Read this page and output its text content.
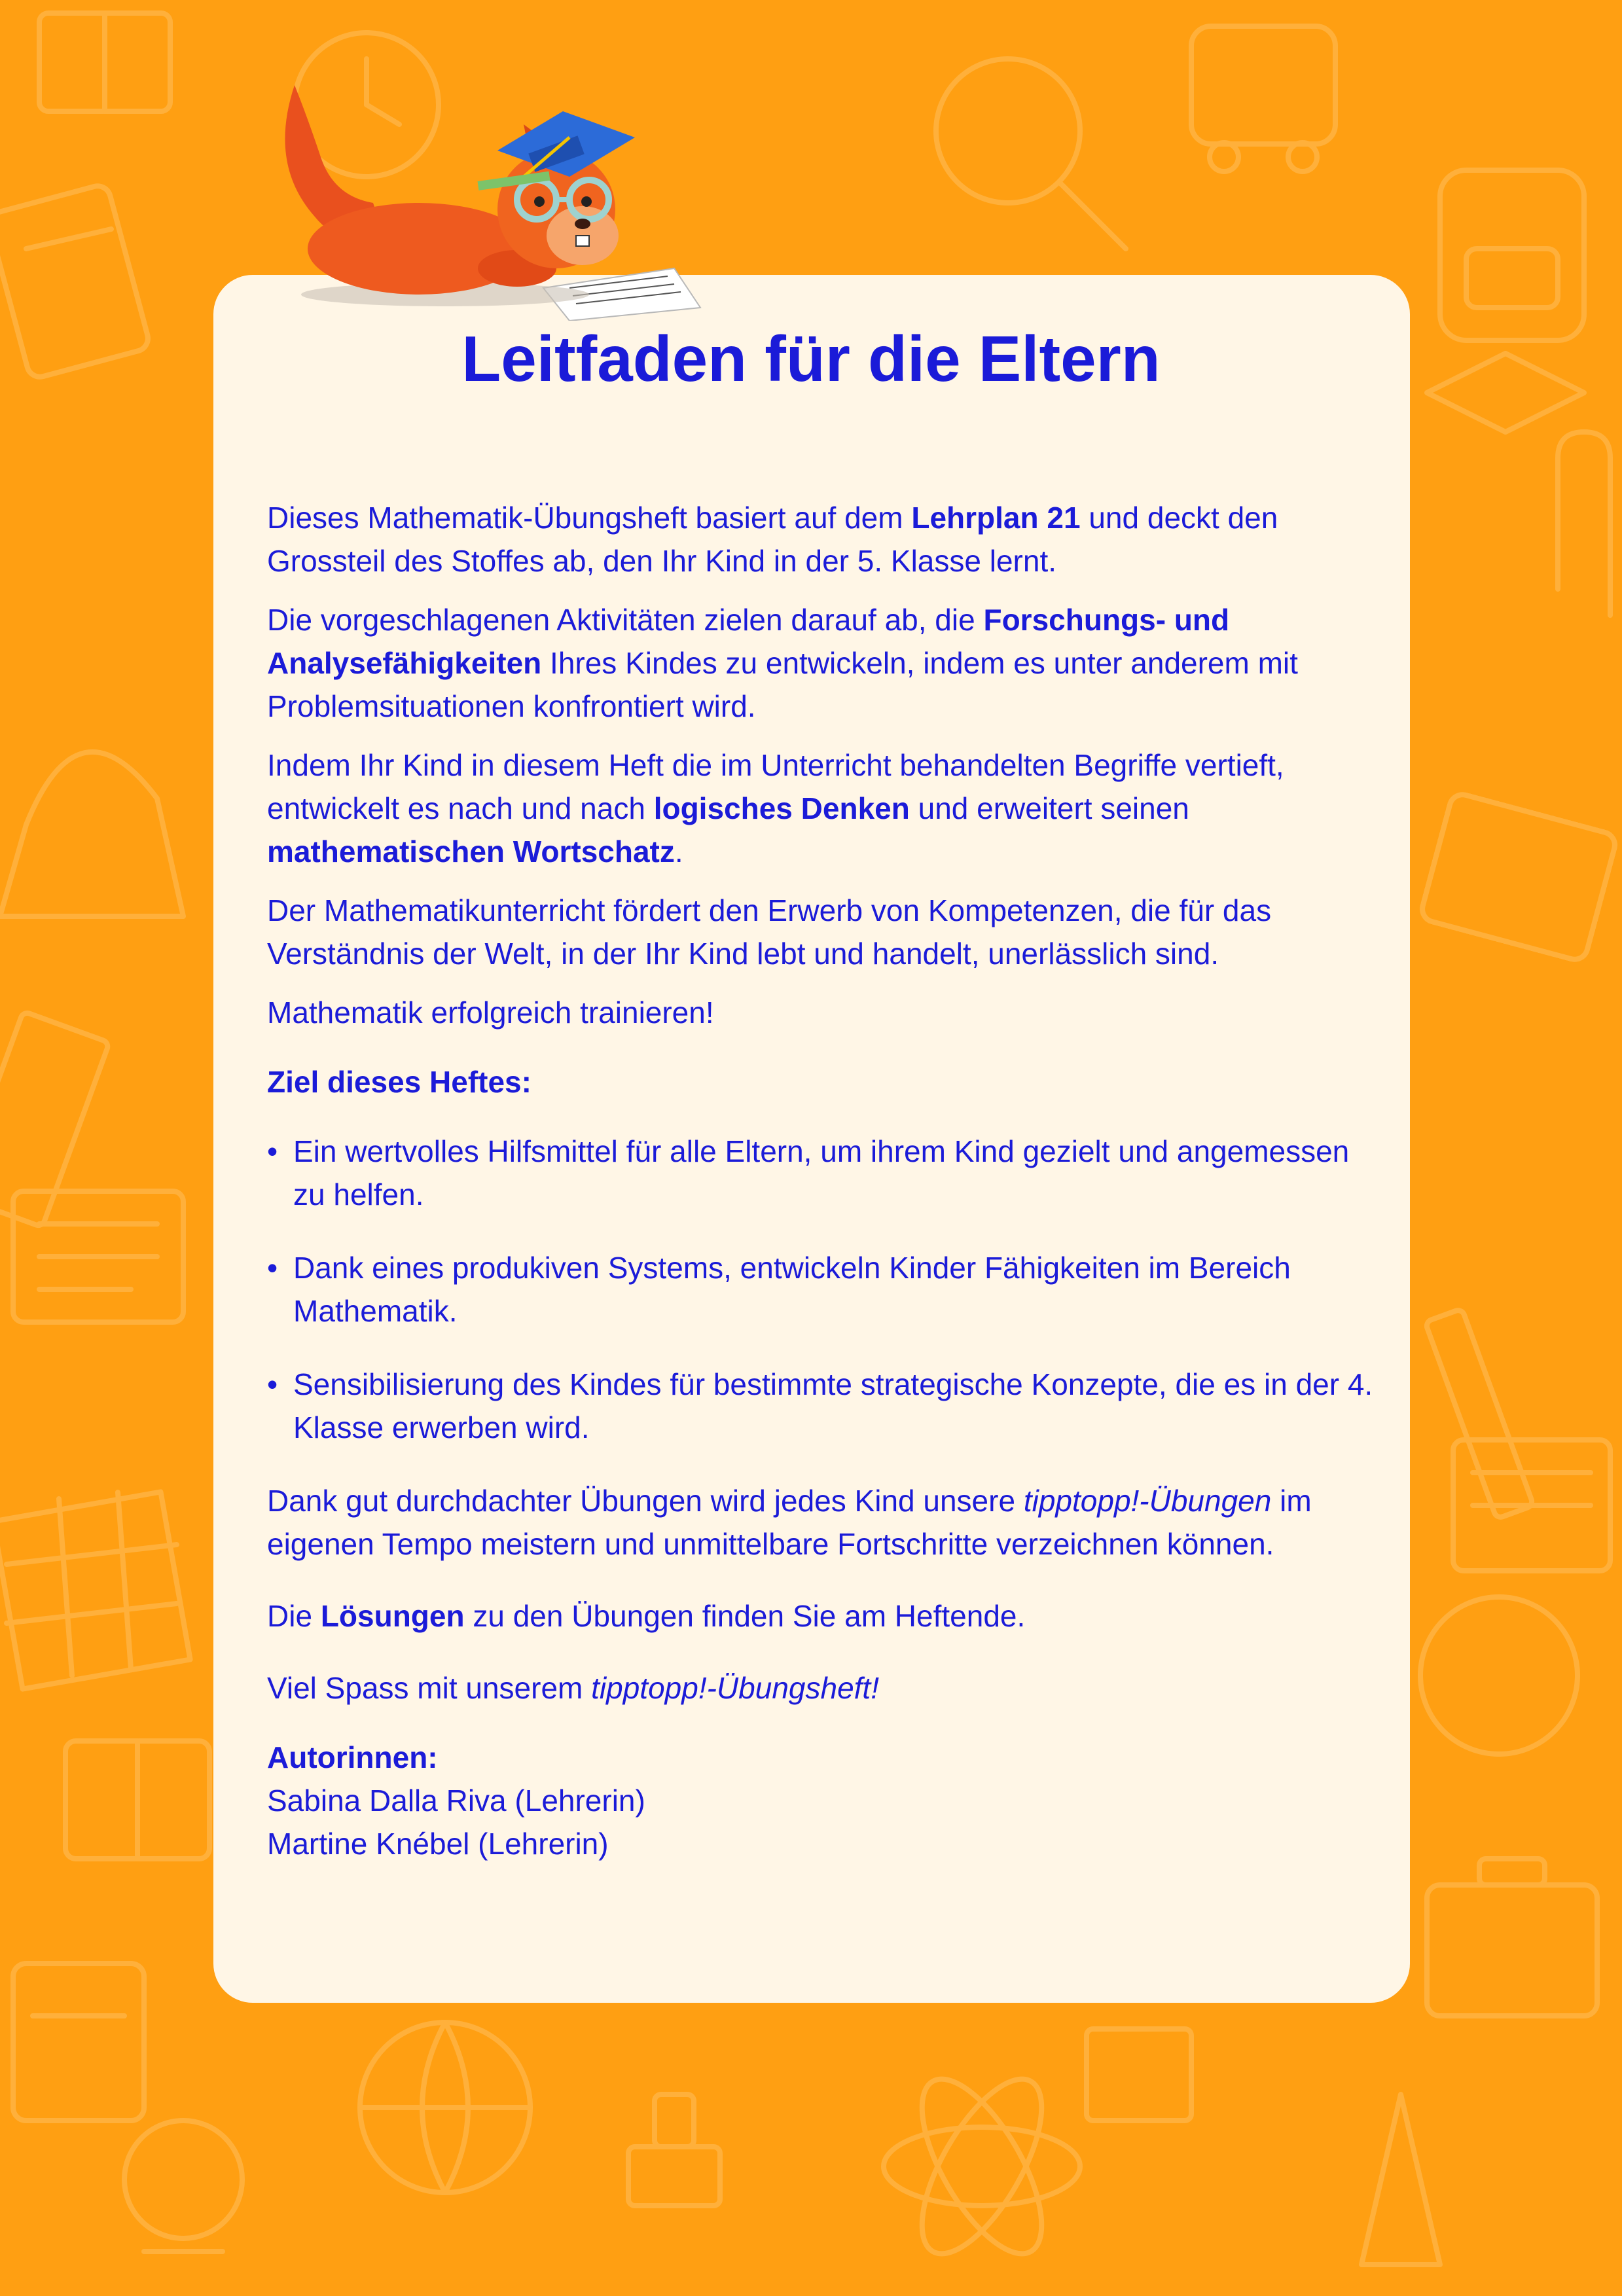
Leitfaden für die Eltern

Dieses Mathematik-Übungsheft basiert auf dem Lehrplan 21 und deckt den Grossteil des Stoffes ab, den Ihr Kind in der 5. Klasse lernt.

Die vorgeschlagenen Aktivitäten zielen darauf ab, die Forschungs- und Analysefähigkeiten Ihres Kindes zu entwickeln, indem es unter anderem mit Problemsituationen konfrontiert wird.

Indem Ihr Kind in diesem Heft die im Unterricht behandelten Begriffe vertieft, entwickelt es nach und nach logisches Denken und erweitert seinen mathematischen Wortschatz.

Der Mathematikunterricht fördert den Erwerb von Kompetenzen, die für das Verständnis der Welt, in der Ihr Kind lebt und handelt, unerlässlich sind.

Mathematik erfolgreich trainieren!

Ziel dieses Heftes:

• Ein wertvolles Hilfsmittel für alle Eltern, um ihrem Kind gezielt und angemessen zu helfen.
• Dank eines produkiven Systems, entwickeln Kinder Fähigkeiten im Bereich Mathematik.
• Sensibilisierung des Kindes für bestimmte strategische Konzepte, die es in der 4. Klasse erwerben wird.

Dank gut durchdachter Übungen wird jedes Kind unsere tipptopp!-Übungen im eigenen Tempo meistern und unmittelbare Fortschritte verzeichnen können.

Die Lösungen zu den Übungen finden Sie am Heftende.

Viel Spass mit unserem tipptopp!-Übungsheft!

Autorinnen:

Sabina Dalla Riva (Lehrerin)

Martine Knébel (Lehrerin)
